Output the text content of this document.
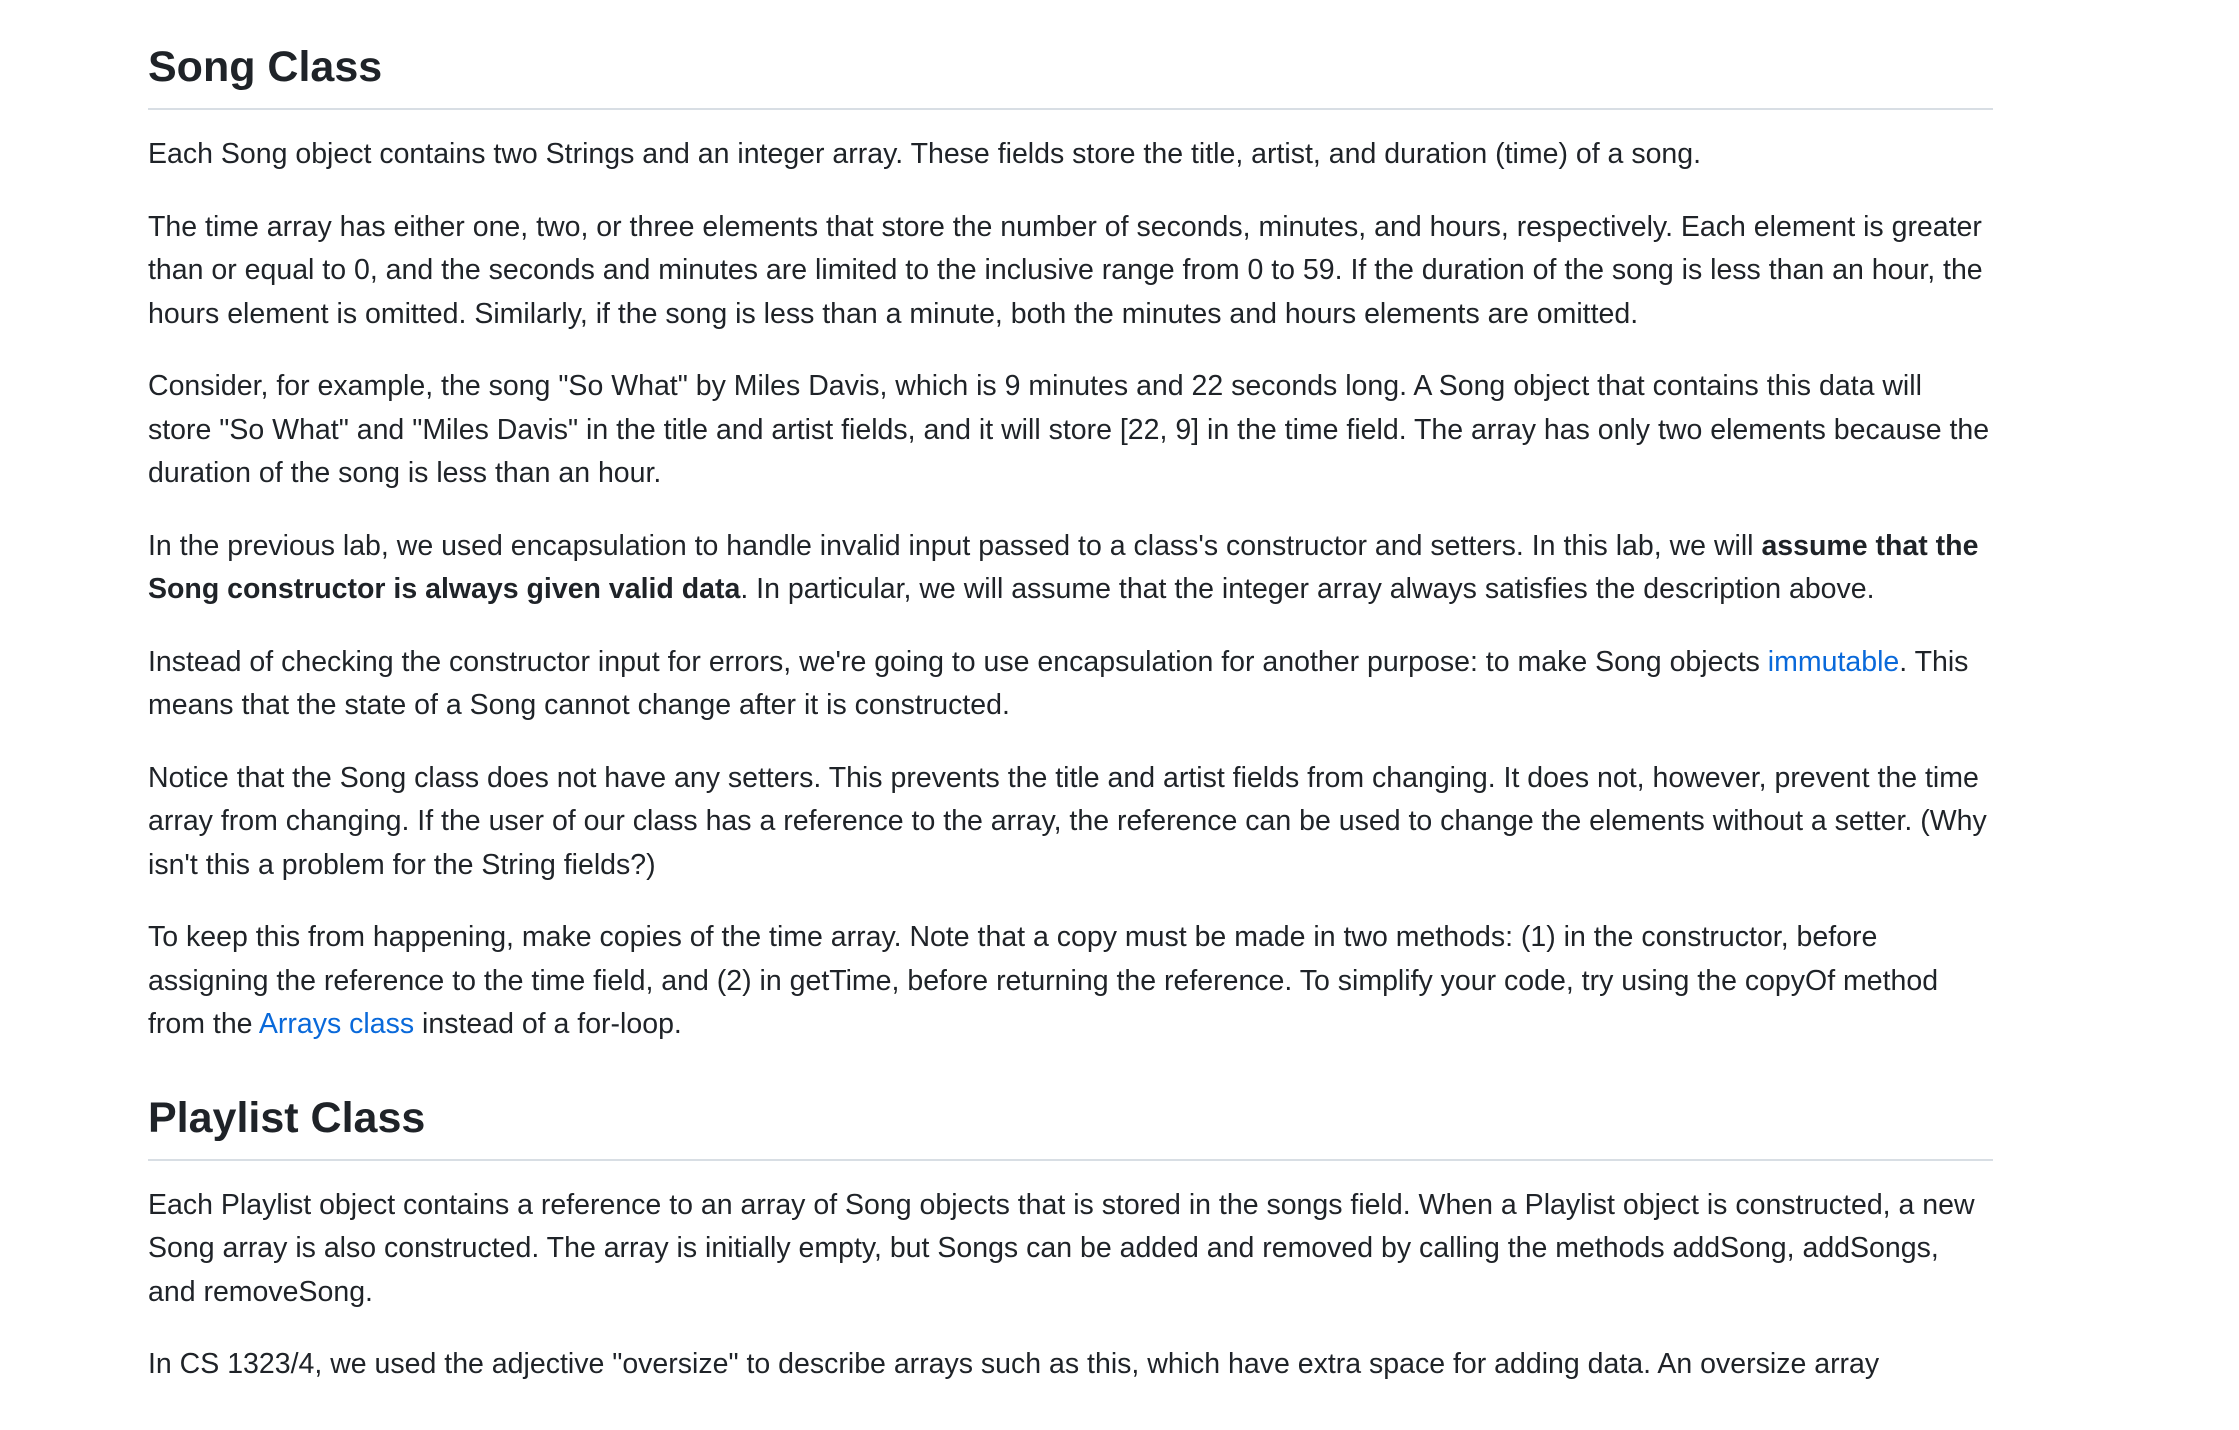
Song Class

Each Song object contains two Strings and an integer array. These fields store the title, artist, and duration (time) of a song.

The time array has either one, two, or three elements that store the number of seconds, minutes, and hours, respectively. Each element is greater than or equal to 0, and the seconds and minutes are limited to the inclusive range from 0 to 59. If the duration of the song is less than an hour, the hours element is omitted. Similarly, if the song is less than a minute, both the minutes and hours elements are omitted.

Consider, for example, the song "So What" by Miles Davis, which is 9 minutes and 22 seconds long. A Song object that contains this data will store "So What" and "Miles Davis" in the title and artist fields, and it will store [22, 9] in the time field. The array has only two elements because the duration of the song is less than an hour.

In the previous lab, we used encapsulation to handle invalid input passed to a class's constructor and setters. In this lab, we will assume that the Song constructor is always given valid data. In particular, we will assume that the integer array always satisfies the description above.

Instead of checking the constructor input for errors, we're going to use encapsulation for another purpose: to make Song objects immutable. This means that the state of a Song cannot change after it is constructed.

Notice that the Song class does not have any setters. This prevents the title and artist fields from changing. It does not, however, prevent the time array from changing. If the user of our class has a reference to the array, the reference can be used to change the elements without a setter. (Why isn't this a problem for the String fields?)

To keep this from happening, make copies of the time array. Note that a copy must be made in two methods: (1) in the constructor, before assigning the reference to the time field, and (2) in getTime, before returning the reference. To simplify your code, try using the copyOf method from the Arrays class instead of a for-loop.

Playlist Class

Each Playlist object contains a reference to an array of Song objects that is stored in the songs field. When a Playlist object is constructed, a new Song array is also constructed. The array is initially empty, but Songs can be added and removed by calling the methods addSong, addSongs, and removeSong.

In CS 1323/4, we used the adjective "oversize" to describe arrays such as this, which have extra space for adding data. An oversize array
